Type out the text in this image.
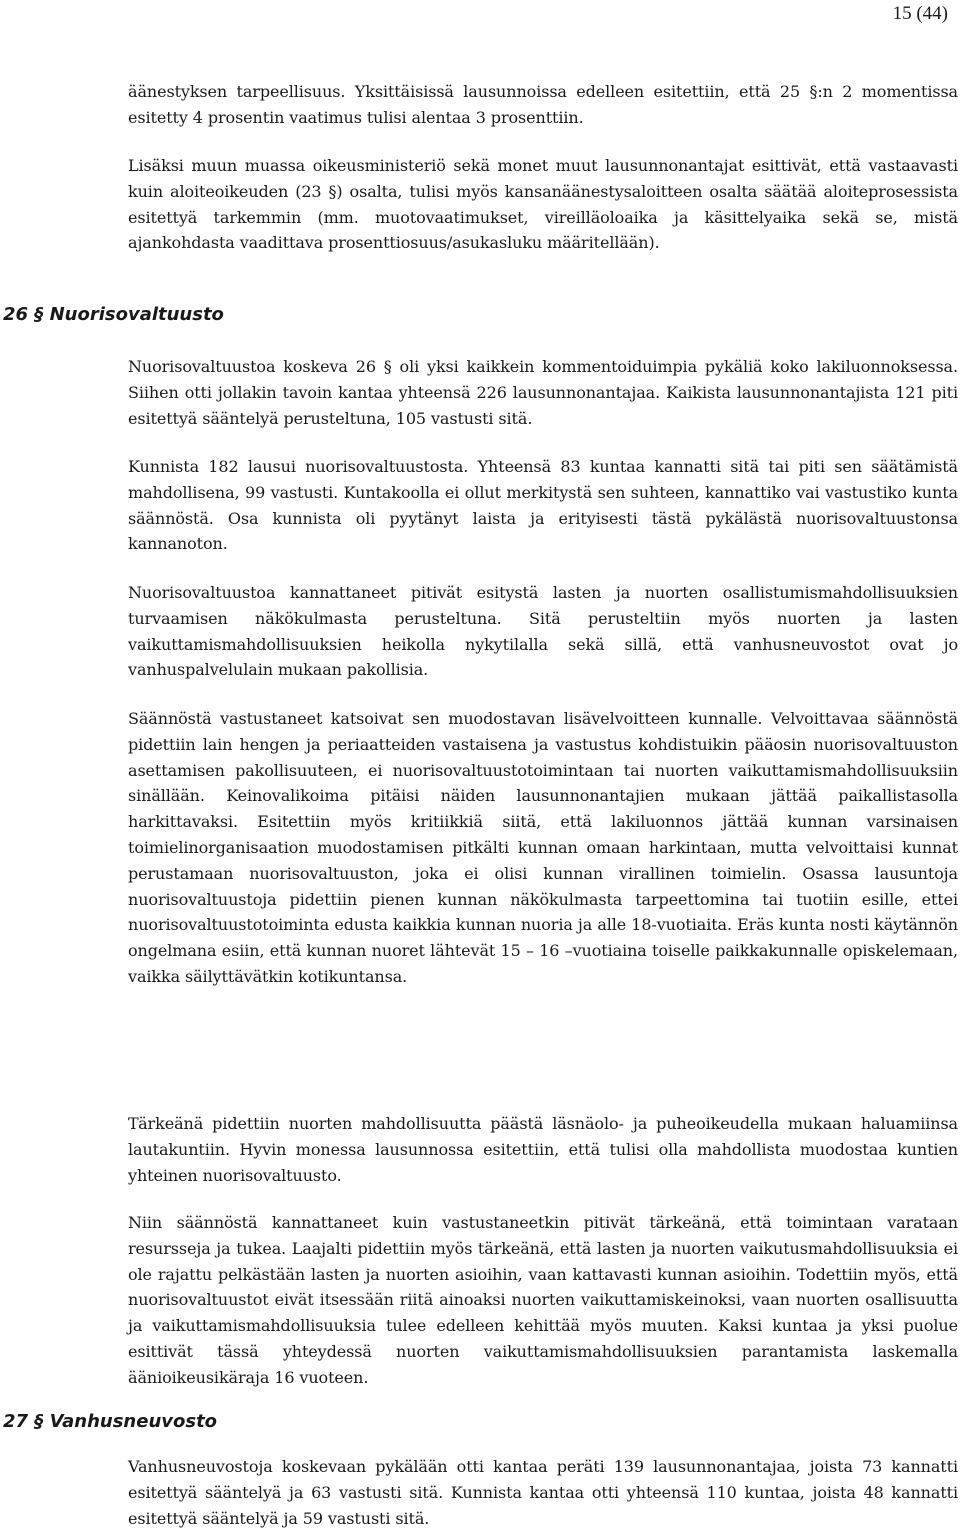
15 (44)

äänestyksen tarpeellisuus. Yksittäisissä lausunnoissa edelleen esitettiin, että 25 §:n 2 momentissa esitetty 4 prosentin vaatimus tulisi alentaa 3 prosenttiin.

Lisäksi muun muassa oikeusministeriö sekä monet muut lausunnonantajat esittivät, että vastaavasti kuin aloiteoikeuden (23 §) osalta, tulisi myös kansanäänestysaloitteen osalta säätää aloiteprosessista esitettyä tarkemmin (mm. muotovaatimukset, vireilläoloaika ja käsittelyaika sekä se, mistä ajankohdasta vaadittava prosenttiosuus/asukasluku määritellään).

26 § Nuorisovaltuusto

Nuorisovaltuustoa koskeva 26 § oli yksi kaikkein kommentoiduimpia pykäliä koko lakiluonnoksessa. Siihen otti jollakin tavoin kantaa yhteensä 226 lausunnonantajaa. Kaikista lausunnonantajista 121 piti esitettyä sääntelyä perusteltuna, 105 vastusti sitä.

Kunnista 182 lausui nuorisovaltuustosta. Yhteensä 83 kuntaa kannatti sitä tai piti sen säätämistä mahdollisena, 99 vastusti. Kuntakoolla ei ollut merkitystä sen suhteen, kannattiko vai vastustiko kunta säännöstä. Osa kunnista oli pyytänyt laista ja erityisesti tästä pykälästä nuorisovaltuustonsa kannanoton.

Nuorisovaltuustoa kannattaneet pitivät esitystä lasten ja nuorten osallistumismahdollisuuksien turvaamisen näkökulmasta perusteltuna. Sitä perusteltiin myös nuorten ja lasten vaikuttamismahdollisuuksien heikolla nykytilalla sekä sillä, että vanhusneuvostot ovat jo vanhuspalvelulain mukaan pakollisia.

Säännöstä vastustaneet katsoivat sen muodostavan lisävelvoitteen kunnalle. Velvoittavaa säännöstä pidettiin lain hengen ja periaatteiden vastaisena ja vastustus kohdistuikin pääosin nuorisovaltuuston asettamisen pakollisuuteen, ei nuorisovaltuustotoimintaan tai nuorten vaikuttamismahdollisuuksiin sinällään. Keinovalikoima pitäisi näiden lausunnonantajien mukaan jättää paikallistasolla harkittavaksi. Esitettiin myös kritiikkiä siitä, että lakiluonnos jättää kunnan varsinaisen toimielinorganisaation muodostamisen pitkälti kunnan omaan harkintaan, mutta velvoittaisi kunnat perustamaan nuorisovaltuuston, joka ei olisi kunnan virallinen toimielin. Osassa lausuntoja nuorisovaltuustoja pidettiin pienen kunnan näkökulmasta tarpeettomina tai tuotiin esille, ettei nuorisovaltuustotoiminta edusta kaikkia kunnan nuoria ja alle 18-vuotiaita. Eräs kunta nosti käytännön ongelmana esiin, että kunnan nuoret lähtevät 15 – 16 –vuotiaina toiselle paikkakunnalle opiskelemaan, vaikka säilyttävätkin kotikuntansa.

Tärkeänä pidettiin nuorten mahdollisuutta päästä läsnäolo- ja puheoikeudella mukaan haluamiinsa lautakuntiin. Hyvin monessa lausunnossa esitettiin, että tulisi olla mahdollista muodostaa kuntien yhteinen nuorisovaltuusto.

Niin säännöstä kannattaneet kuin vastustaneetkin pitivät tärkeänä, että toimintaan varataan resursseja ja tukea. Laajalti pidettiin myös tärkeänä, että lasten ja nuorten vaikutusmahdollisuuksia ei ole rajattu pelkästään lasten ja nuorten asioihin, vaan kattavasti kunnan asioihin. Todettiin myös, että nuorisovaltuustot eivät itsessään riitä ainoaksi nuorten vaikuttamiskeinoksi, vaan nuorten osallisuutta ja vaikuttamismahdollisuuksia tulee edelleen kehittää myös muuten. Kaksi kuntaa ja yksi puolue esittivät tässä yhteydessä nuorten vaikuttamismahdollisuuksien parantamista laskemalla äänioikeusikäraja 16 vuoteen.

27 § Vanhusneuvosto

Vanhusneuvostoja koskevaan pykälään otti kantaa peräti 139 lausunnonantajaa, joista 73 kannatti esitettyä sääntelyä ja 63 vastusti sitä. Kunnista kantaa otti yhteensä 110 kuntaa, joista 48 kannatti esitettyä sääntelyä ja 59 vastusti sitä.
